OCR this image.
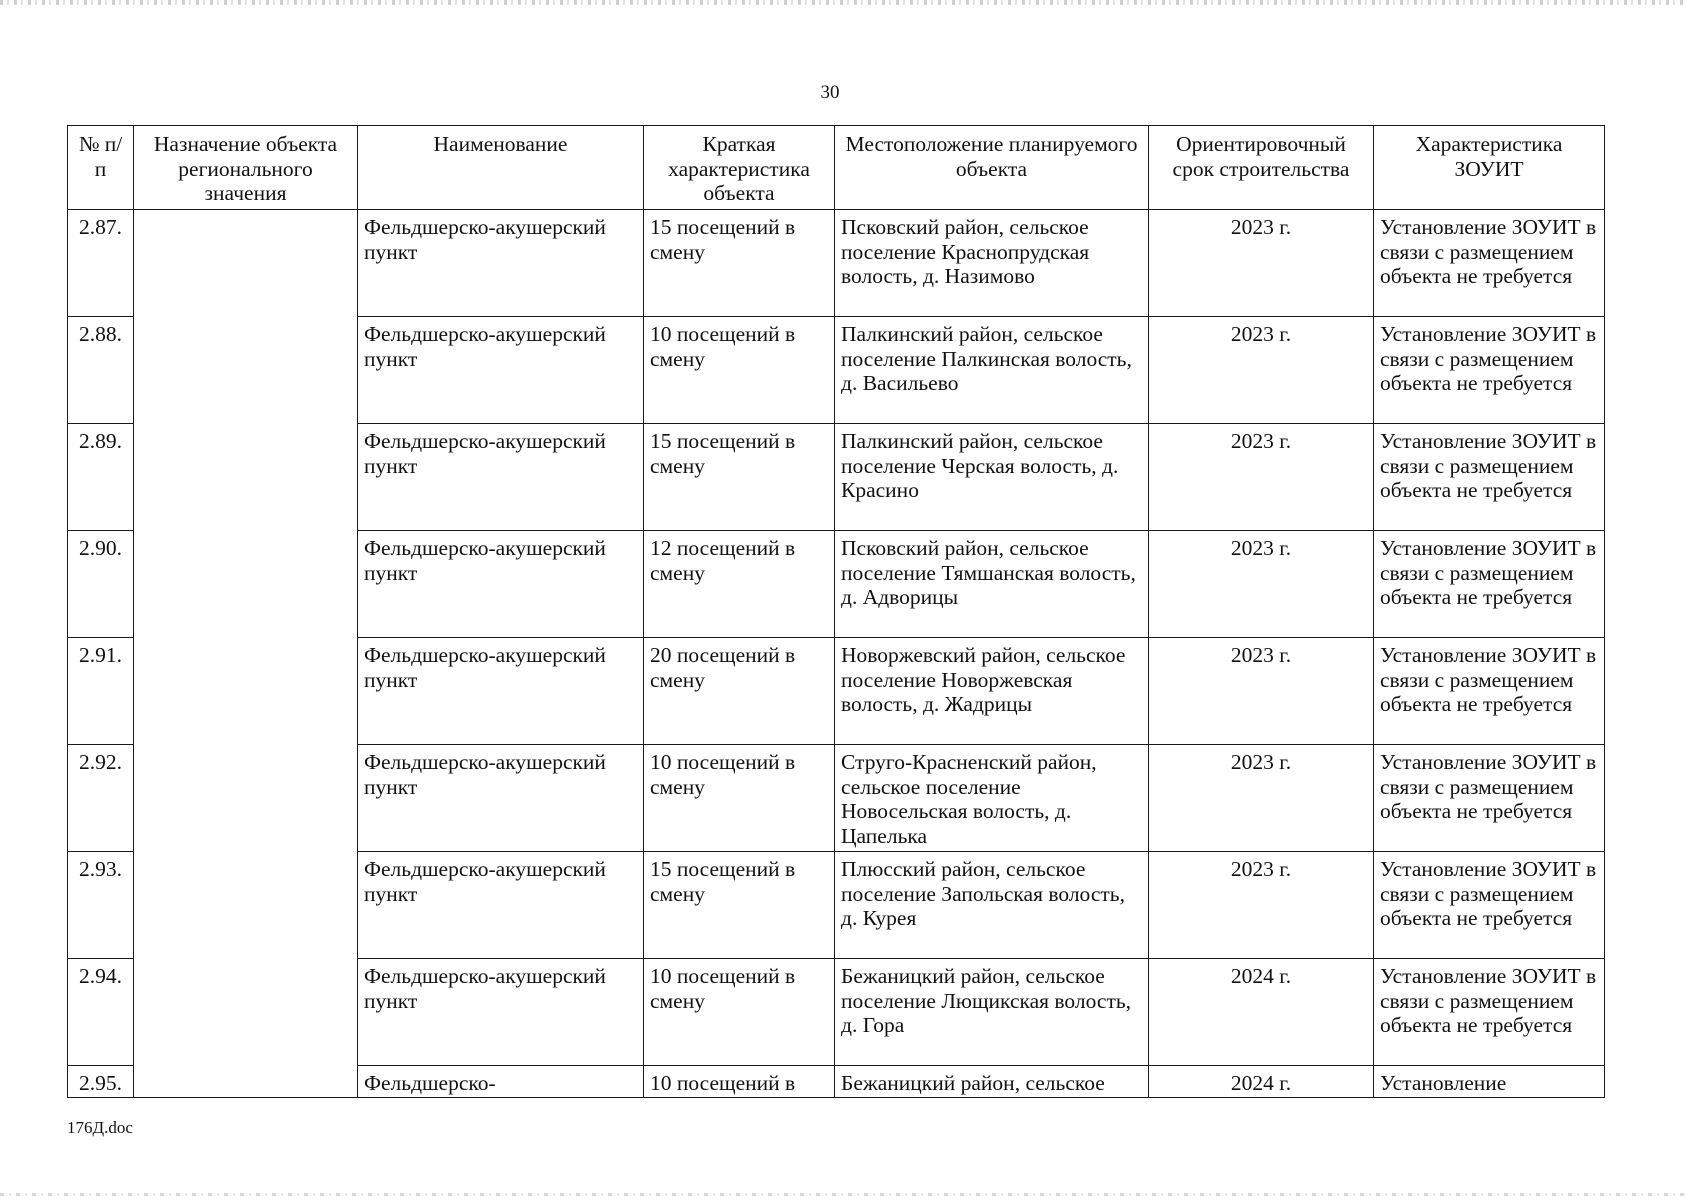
30
№ п/п	Назначение объекта регионального значения	Наименование	Краткая характеристика объекта	Местоположение планируемого объекта	Ориентировочный срок строительства	Характеристика ЗОУИТ
2.87.		Фельдшерско-акушерский пункт	15 посещений в смену	Псковский район, сельское поселение Краснопрудская волость, д. Назимово	2023 г.	Установление ЗОУИТ в связи с размещением объекта не требуется
2.88.		Фельдшерско-акушерский пункт	10 посещений в смену	Палкинский район, сельское поселение Палкинская волость, д. Васильево	2023 г.	Установление ЗОУИТ в связи с размещением объекта не требуется
2.89.		Фельдшерско-акушерский пункт	15 посещений в смену	Палкинский район, сельское поселение Черская волость, д. Красино	2023 г.	Установление ЗОУИТ в связи с размещением объекта не требуется
2.90.		Фельдшерско-акушерский пункт	12 посещений в смену	Псковский район, сельское поселение Тямшанская волость, д. Адворицы	2023 г.	Установление ЗОУИТ в связи с размещением объекта не требуется
2.91.		Фельдшерско-акушерский пункт	20 посещений в смену	Новоржевский район, сельское поселение Новоржевская волость, д. Жадрицы	2023 г.	Установление ЗОУИТ в связи с размещением объекта не требуется
2.92.		Фельдшерско-акушерский пункт	10 посещений в смену	Струго-Красненский район, сельское поселение Новосельская волость, д. Цапелька	2023 г.	Установление ЗОУИТ в связи с размещением объекта не требуется
2.93.		Фельдшерско-акушерский пункт	15 посещений в смену	Плюсский район, сельское поселение Запольская волость, д. Курея	2023 г.	Установление ЗОУИТ в связи с размещением объекта не требуется
2.94.		Фельдшерско-акушерский пункт	10 посещений в смену	Бежаницкий район, сельское поселение Лющикская волость, д. Гора	2024 г.	Установление ЗОУИТ в связи с размещением объекта не требуется
2.95.		Фельдшерско-	10 посещений в	Бежаницкий район, сельское	2024 г.	Установление
176Д.doc
